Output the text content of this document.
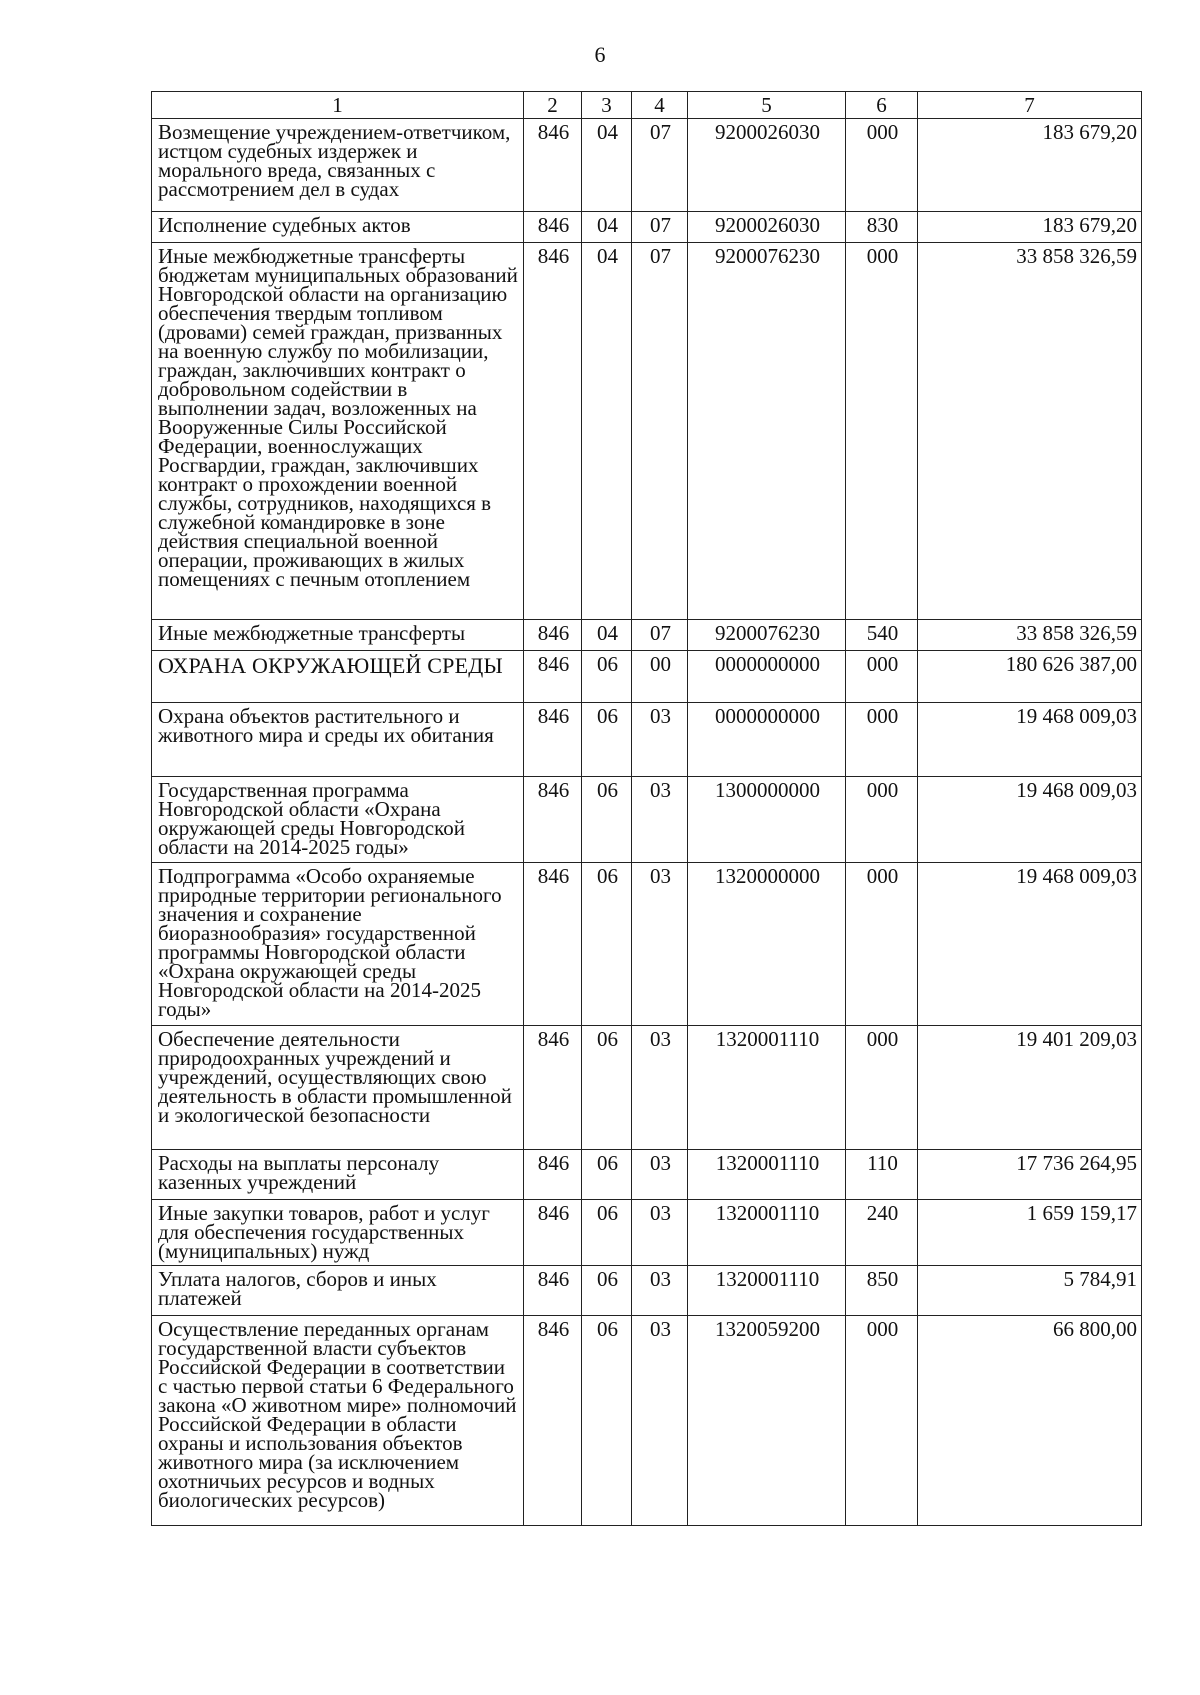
6
1	2	3	4	5	6	7
Возмещение учреждением-ответчиком, истцом судебных издержек и морального вреда, связанных с рассмотрением дел в судах	846	04	07	9200026030	000	183 679,20
Исполнение судебных актов	846	04	07	9200026030	830	183 679,20
Иные межбюджетные трансферты бюджетам муниципальных образований Новгородской области на организацию обеспечения твердым топливом (дровами) семей граждан, призванных на военную службу по мобилизации, граждан, заключивших контракт о добровольном содействии в выполнении задач, возложенных на Вооруженные Силы Российской Федерации, военнослужащих Росгвардии, граждан, заключивших контракт о прохождении военной службы, сотрудников, находящихся в служебной командировке в зоне действия специальной военной операции, проживающих в жилых помещениях с печным отоплением	846	04	07	9200076230	000	33 858 326,59
Иные межбюджетные трансферты	846	04	07	9200076230	540	33 858 326,59
ОХРАНА ОКРУЖАЮЩЕЙ СРЕДЫ	846	06	00	0000000000	000	180 626 387,00
Охрана объектов растительного и животного мира и среды их обитания	846	06	03	0000000000	000	19 468 009,03
Государственная программа Новгородской области «Охрана окружающей среды Новгородской области на 2014-2025 годы»	846	06	03	1300000000	000	19 468 009,03
Подпрограмма «Особо охраняемые природные территории регионального значения и сохранение биоразнообразия» государственной программы Новгородской области «Охрана окружающей среды Новгородской области на 2014-2025 годы»	846	06	03	1320000000	000	19 468 009,03
Обеспечение деятельности природоохранных учреждений и учреждений, осуществляющих свою деятельность в области промышленной и экологической безопасности	846	06	03	1320001110	000	19 401 209,03
Расходы на выплаты персоналу казенных учреждений	846	06	03	1320001110	110	17 736 264,95
Иные закупки товаров, работ и услуг для обеспечения государственных (муниципальных) нужд	846	06	03	1320001110	240	1 659 159,17
Уплата налогов, сборов и иных платежей	846	06	03	1320001110	850	5 784,91
Осуществление переданных органам государственной власти субъектов Российской Федерации в соответствии с частью первой статьи 6 Федерального закона «О животном мире» полномочий Российской Федерации в области охраны и использования объектов животного мира (за исключением охотничьих ресурсов и водных биологических ресурсов)	846	06	03	1320059200	000	66 800,00
